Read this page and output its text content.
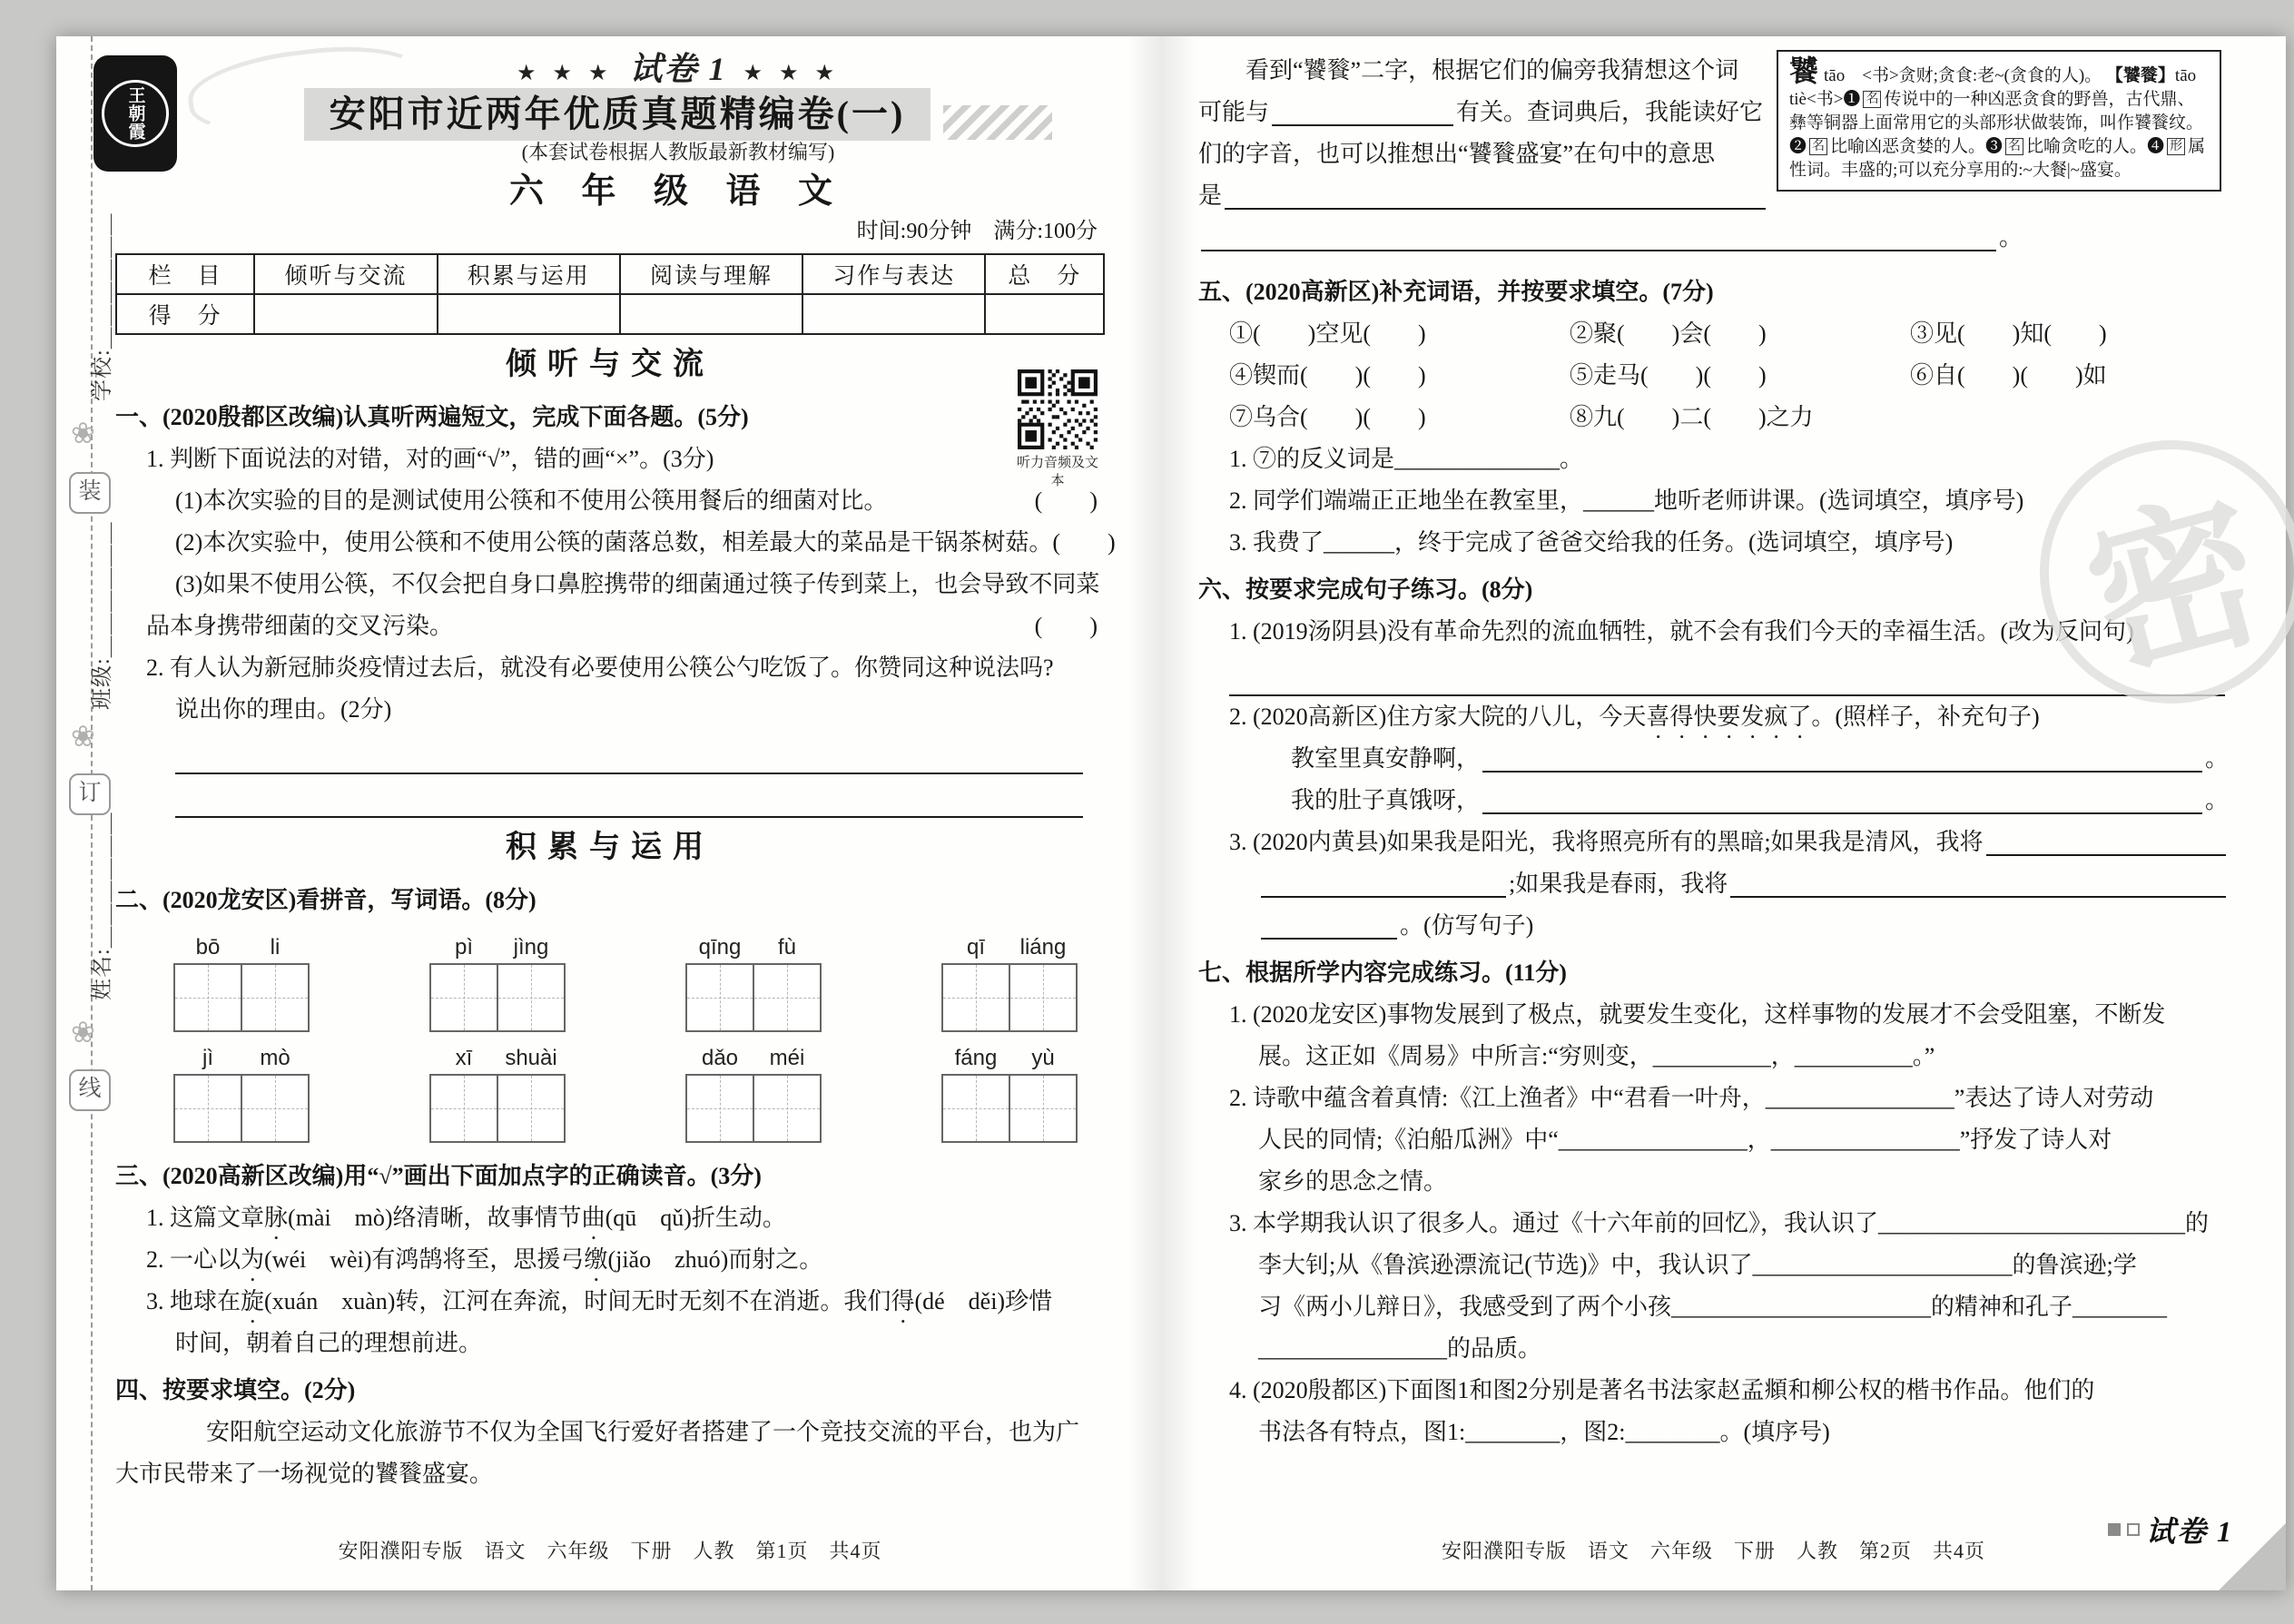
学校:＿＿＿＿＿＿
❀
装
班级:＿＿＿＿＿＿
❀
订
姓名:＿＿＿＿＿＿
❀
线
王朝霞
★ ★ ★ 试卷 1 ★ ★ ★
安阳市近两年优质真题精编卷(一)
(本套试卷根据人教版最新教材编写)
六 年 级 语 文
时间:90分钟　满分:100分
栏　目	倾听与交流	积累与运用	阅读与理解	习作与表达	总　分
得　分					
倾听与交流
听力音频及文本
一、(2020殷都区改编)认真听两遍短文，完成下面各题。(5分)
1. 判断下面说法的对错，对的画“√”，错的画“×”。(3分)
(1)本次实验的目的是测试使用公筷和不使用公筷用餐后的细菌对比。	(　　)
(2)本次实验中，使用公筷和不使用公筷的菌落总数，相差最大的菜品是干锅茶树菇。 (　　)
(3)如果不使用公筷，不仅会把自身口鼻腔携带的细菌通过筷子传到菜上，也会导致不同菜
品本身携带细菌的交叉污染。	(　　)
2. 有人认为新冠肺炎疫情过去后，就没有必要使用公筷公勺吃饭了。你赞同这种说法吗?
说出你的理由。(2分)
积累与运用
二、(2020龙安区)看拼音，写词语。(8分)
bō	li	pì	jìng	qīng	fù	qī	liáng
jì	mò	xī	shuài	dǎo	méi	fáng	yù
三、(2020高新区改编)用“√”画出下面加点字的正确读音。(3分)
1. 这篇文章脉(mài　mò)络清晰，故事情节曲(qū　qǔ)折生动。
2. 一心以为(wéi　wèi)有鸿鹄将至，思援弓缴(jiǎo　zhuó)而射之。
3. 地球在旋(xuán　xuàn)转，江河在奔流，时间无时无刻不在消逝。我们得(dé　děi)珍惜
时间，朝着自己的理想前进。
四、按要求填空。(2分)
安阳航空运动文化旅游节不仅为全国飞行爱好者搭建了一个竞技交流的平台，也为广
大市民带来了一场视觉的饕餮盛宴。
安阳濮阳专版　语文　六年级　下册　人教　第1页　共4页
饕tāo　<书>贪财;贪食:老~(贪食的人)。 【饕餮】tāo tiè<书>❶ 名 传说中的一种凶恶贪食的野兽，古代鼎、彝等铜器上面常用它的头部形状做装饰，叫作饕餮纹。❷ 名 比喻凶恶贪婪的人。❸ 名 比喻贪吃的人。❹ 形 属性词。丰盛的;可以充分享用的:~大餐|~盛宴。
看到“饕餮”二字，根据它们的偏旁我猜想这个词
可能与	有关。查词典后，我能读好它
们的字音，也可以推想出“饕餮盛宴”在句中的意思
是
。
五、(2020高新区)补充词语，并按要求填空。(7分)
①(　　)空见(　　)	②聚(　　)会(　　)	③见(　　)知(　　)
④锲而(　　)(　　)	⑤走马(　　)(　　)	⑥自(　　)(　　)如
⑦乌合(　　)(　　)	⑧九(　　)二(　　)之力
1. ⑦的反义词是______________。
2. 同学们端端正正地坐在教室里，______地听老师讲课。(选词填空，填序号)
3. 我费了______，终于完成了爸爸交给我的任务。(选词填空，填序号)
六、按要求完成句子练习。(8分)
1. (2019汤阴县)没有革命先烈的流血牺牲，就不会有我们今天的幸福生活。(改为反问句)
2. (2020高新区)住方家大院的八儿，今天喜得快要发疯了。(照样子，补充句子)
教室里真安静啊，	。
我的肚子真饿呀，	。
3. (2020内黄县)如果我是阳光，我将照亮所有的黑暗;如果我是清风，我将
;如果我是春雨，我将
。(仿写句子)
七、根据所学内容完成练习。(11分)
1. (2020龙安区)事物发展到了极点，就要发生变化，这样事物的发展才不会受阻塞，不断发
展。这正如《周易》中所言:“穷则变，__________，__________。”
2. 诗歌中蕴含着真情:《江上渔者》中“君看一叶舟，________________”表达了诗人对劳动
人民的同情;《泊船瓜洲》中“________________，________________”抒发了诗人对
家乡的思念之情。
3. 本学期我认识了很多人。通过《十六年前的回忆》，我认识了__________________________的
李大钊;从《鲁滨逊漂流记(节选)》中，我认识了______________________的鲁滨逊;学
习《两小儿辩日》，我感受到了两个小孩______________________的精神和孔子________
________________的品质。
4. (2020殷都区)下面图1和图2分别是著名书法家赵孟頫和柳公权的楷书作品。他们的
书法各有特点，图1:________，图2:________。(填序号)
安阳濮阳专版　语文　六年级　下册　人教　第2页　共4页
密
试卷 1
